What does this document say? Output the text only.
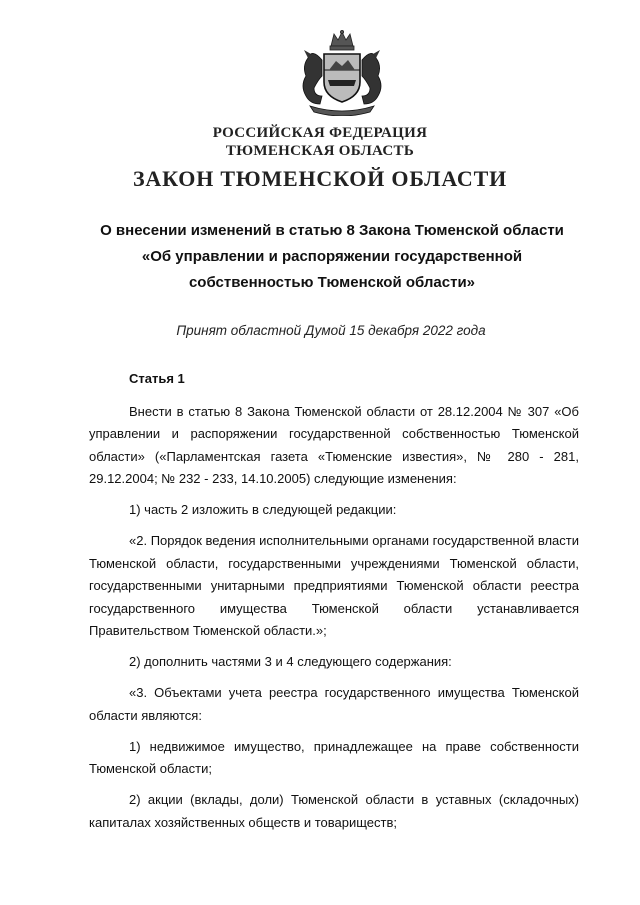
РОССИЙСКАЯ ФЕДЕРАЦИЯ
ТЮМЕНСКАЯ ОБЛАСТЬ
ЗАКОН ТЮМЕНСКОЙ ОБЛАСТИ
О внесении изменений в статью 8 Закона Тюменской области
«Об управлении и распоряжении государственной
собственностью Тюменской области»
Принят областной Думой 15 декабря 2022 года
Статья 1

Внести в статью 8 Закона Тюменской области от 28.12.2004 № 307 «Об управлении и распоряжении государственной собственностью Тюменской области» («Парламентская газета «Тюменские известия», № 280 - 281, 29.12.2004; № 232 - 233, 14.10.2005) следующие изменения:

1) часть 2 изложить в следующей редакции:

«2. Порядок ведения исполнительными органами государственной власти Тюменской области, государственными учреждениями Тюменской области, государственными унитарными предприятиями Тюменской области реестра государственного имущества Тюменской области устанавливается Правительством Тюменской области.»;

2) дополнить частями 3 и 4 следующего содержания:

«3. Объектами учета реестра государственного имущества Тюменской области являются:

1) недвижимое имущество, принадлежащее на праве собственности Тюменской области;

2) акции (вклады, доли) Тюменской области в уставных (складочных) капиталах хозяйственных обществ и товариществ;
